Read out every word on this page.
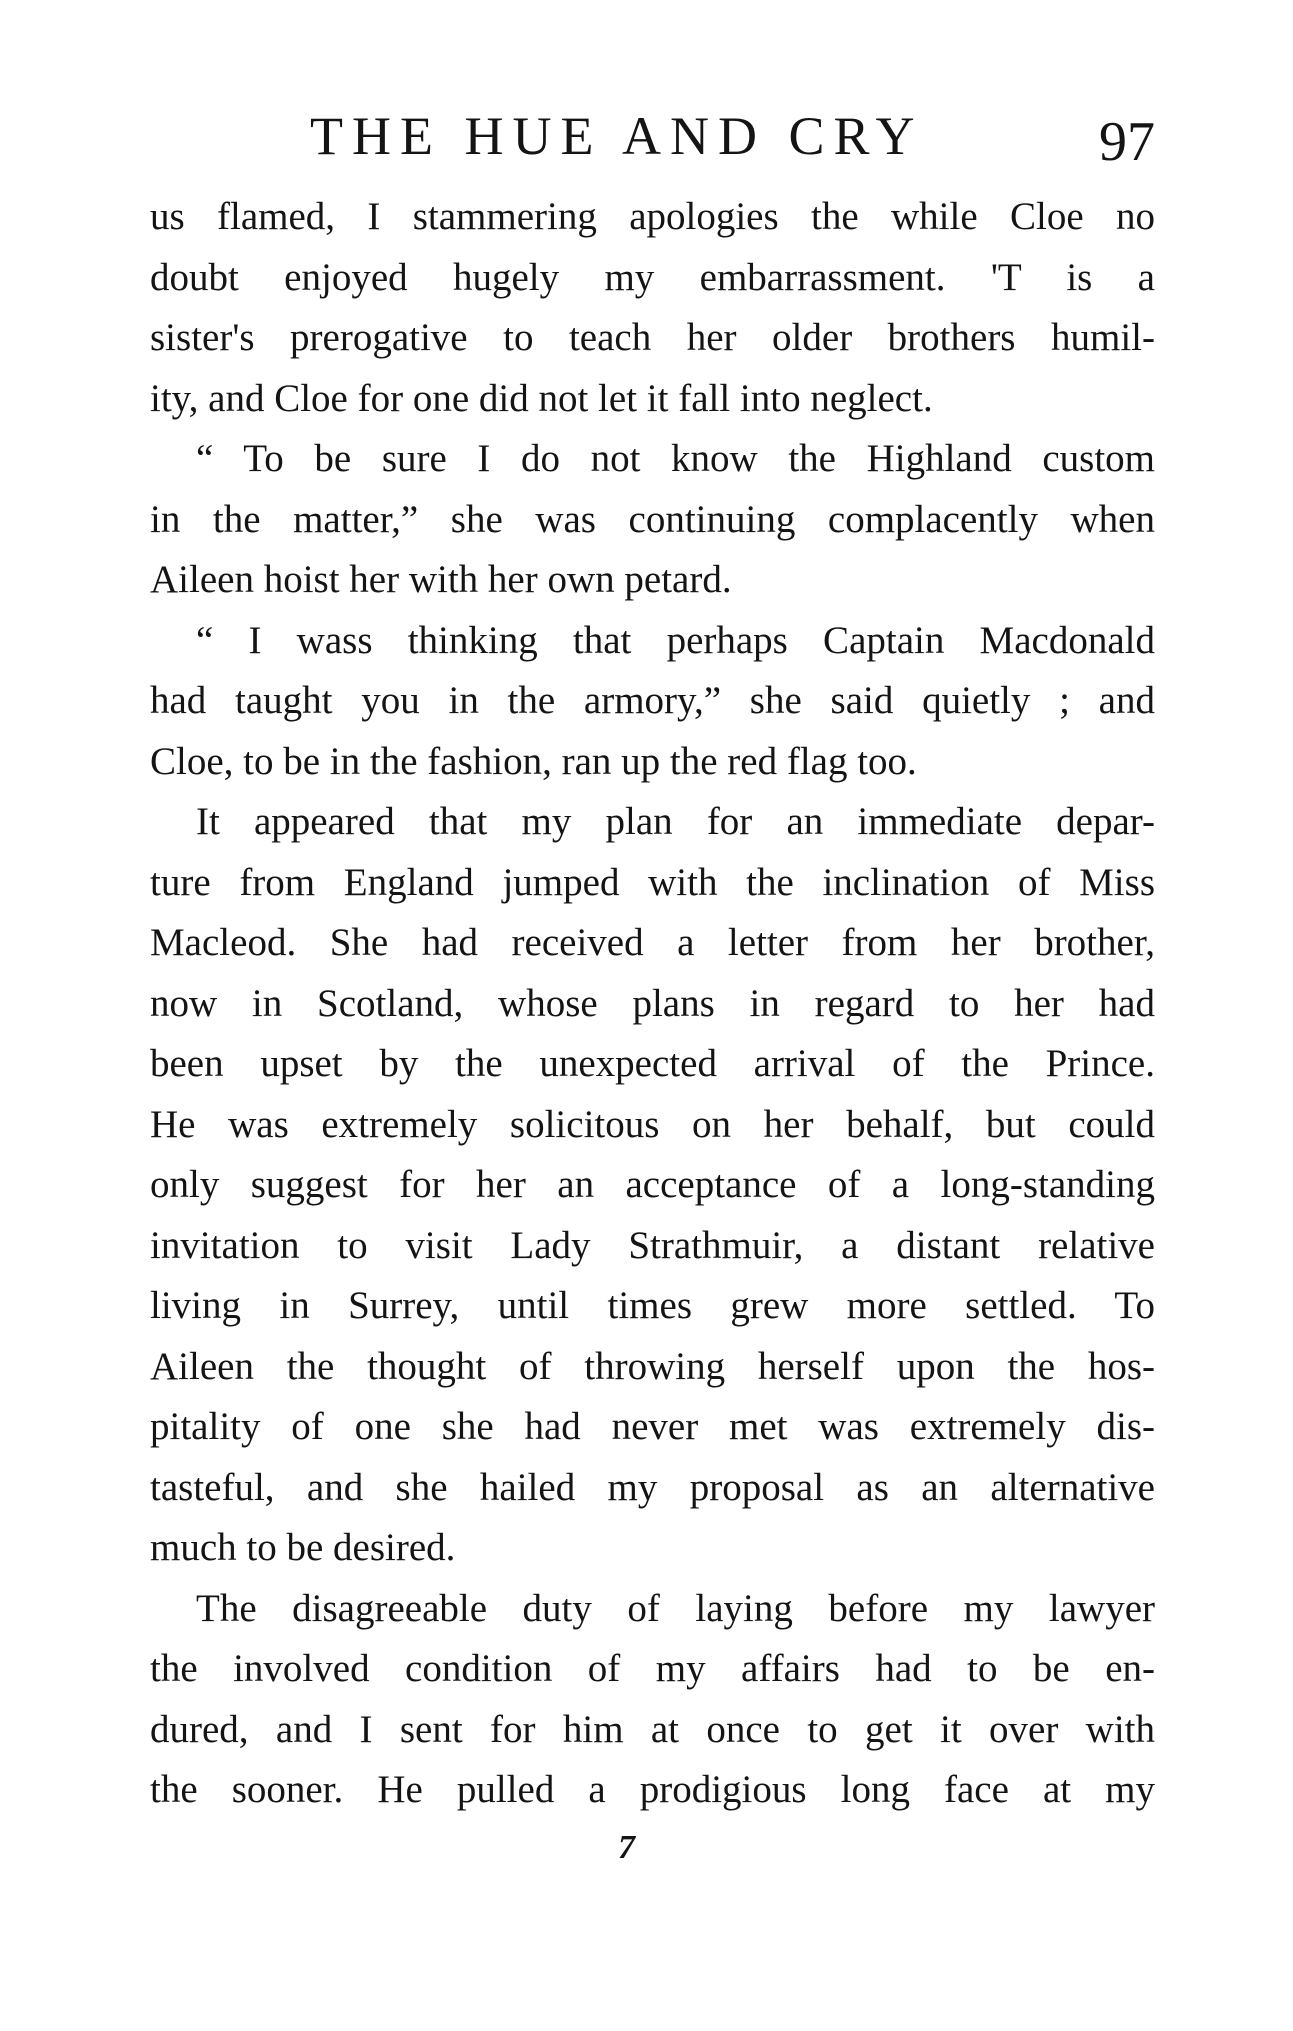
THE HUE AND CRY	97
us flamed, I stammering apologies the while Cloe no
doubt enjoyed hugely my embarrassment. 'T is a
sister's prerogative to teach her older brothers humil-
ity, and Cloe for one did not let it fall into neglect.
“ To be sure I do not know the Highland custom
in the matter,” she was continuing complacently when
Aileen hoist her with her own petard.
“ I wass thinking that perhaps Captain Macdonald
had taught you in the armory,” she said quietly ; and
Cloe, to be in the fashion, ran up the red flag too.
It appeared that my plan for an immediate depar-
ture from England jumped with the inclination of Miss
Macleod. She had received a letter from her brother,
now in Scotland, whose plans in regard to her had
been upset by the unexpected arrival of the Prince.
He was extremely solicitous on her behalf, but could
only suggest for her an acceptance of a long-standing
invitation to visit Lady Strathmuir, a distant relative
living in Surrey, until times grew more settled. To
Aileen the thought of throwing herself upon the hos-
pitality of one she had never met was extremely dis-
tasteful, and she hailed my proposal as an alternative
much to be desired.
The disagreeable duty of laying before my lawyer
the involved condition of my affairs had to be en-
dured, and I sent for him at once to get it over with
the sooner. He pulled a prodigious long face at my
7
